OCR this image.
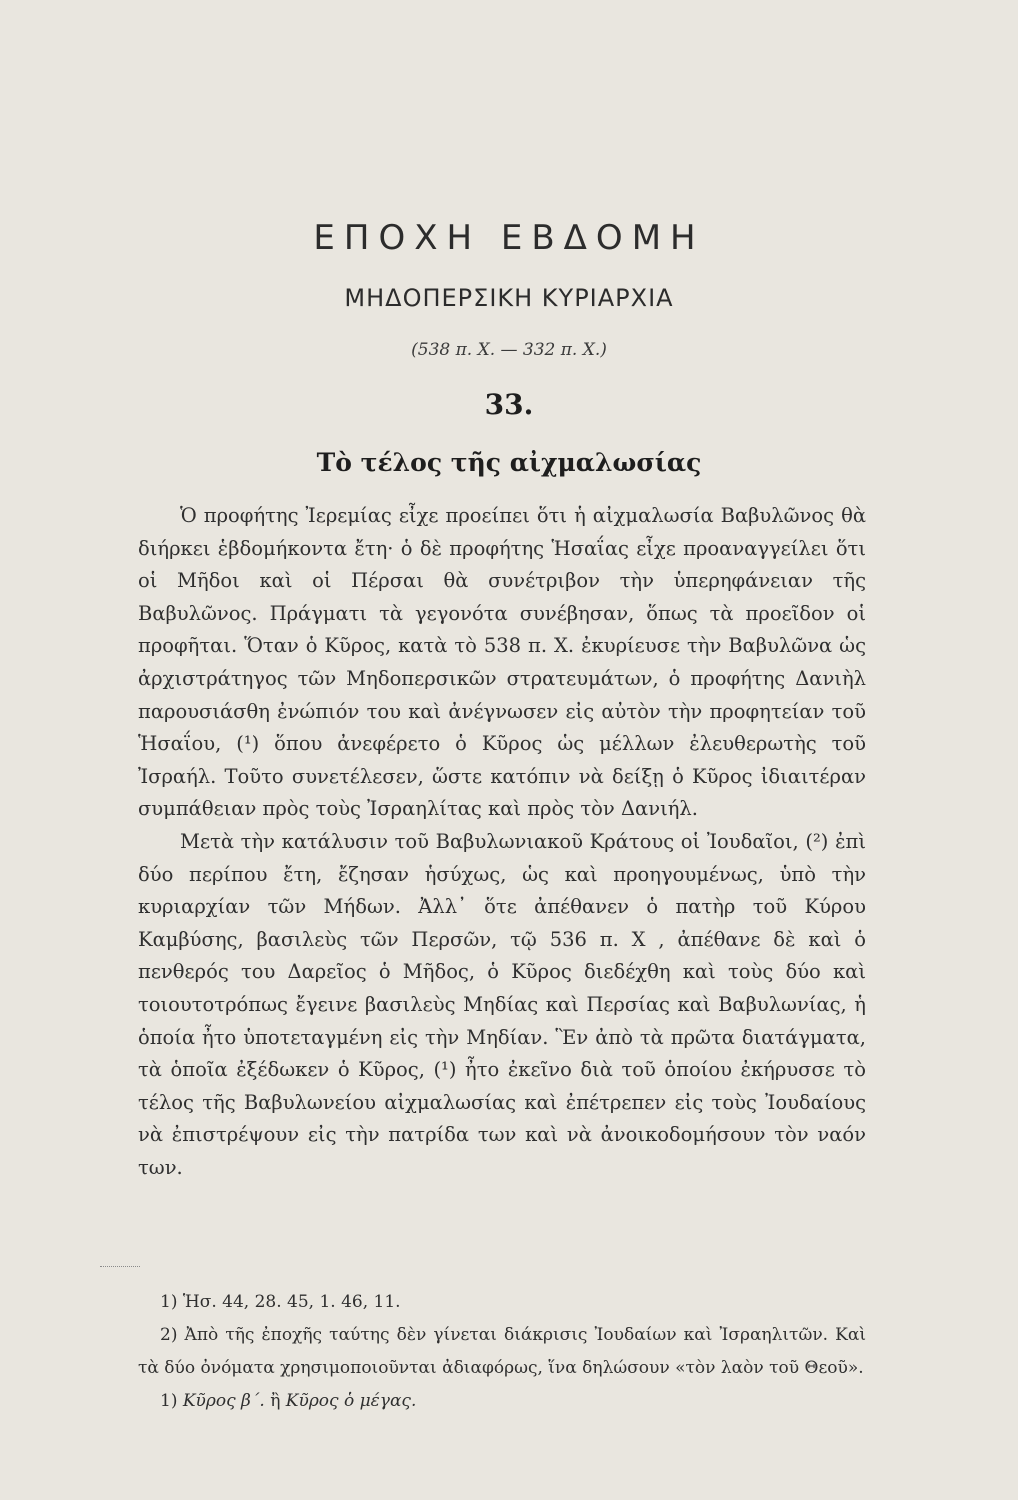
ΕΠΟΧΗ ΕΒΔΟΜΗ
ΜΗΔΟΠΕΡΣΙΚΗ ΚΥΡΙΑΡΧΙΑ

(538 π. Χ. — 332 π. Χ.)

33.

Τὸ τέλος τῆς αἰχμαλωσίας

Ὁ προφήτης Ἰερεμίας εἶχε προείπει ὅτι ἡ αἰχμαλωσία Βαβυλῶνος θὰ διήρκει ἑβδομήκοντα ἔτη· ὁ δὲ προφήτης Ἡσαΐας εἶχε προαναγγείλει ὅτι οἱ Μῆδοι καὶ οἱ Πέρσαι θὰ συνέτριβον τὴν ὑπερηφάνειαν τῆς Βαβυλῶνος. Πράγματι τὰ γεγονότα συνέβησαν, ὅπως τὰ προεῖδον οἱ προφῆται. Ὅταν ὁ Κῦρος, κατὰ τὸ 538 π. Χ. ἐκυρίευσε τὴν Βαβυλῶνα ὡς ἀρχιστράτηγος τῶν Μηδοπερσικῶν στρατευμάτων, ὁ προφήτης Δανιὴλ παρουσιάσθη ἐνώπιόν του καὶ ἀνέγνωσεν εἰς αὐτὸν τὴν προφητείαν τοῦ Ἡσαΐου, (¹) ὅπου ἀνεφέρετο ὁ Κῦρος ὡς μέλλων ἐλευθερωτὴς τοῦ Ἰσραήλ. Τοῦτο συνετέλεσεν, ὥστε κατόπιν νὰ δείξῃ ὁ Κῦρος ἰδιαιτέραν συμπάθειαν πρὸς τοὺς Ἰσραηλίτας καὶ πρὸς τὸν Δανιήλ.

Μετὰ τὴν κατάλυσιν τοῦ Βαβυλωνιακοῦ Κράτους οἱ Ἰουδαῖοι, (²) ἐπὶ δύο περίπου ἔτη, ἔζησαν ἡσύχως, ὡς καὶ προηγουμένως, ὑπὸ τὴν κυριαρχίαν τῶν Μήδων. Ἀλλ᾽ ὅτε ἀπέθανεν ὁ πατὴρ τοῦ Κύρου Καμβύσης, βασιλεὺς τῶν Περσῶν, τῷ 536 π. Χ , ἀπέθανε δὲ καὶ ὁ πενθερός του Δαρεῖος ὁ Μῆδος, ὁ Κῦρος διεδέχθη καὶ τοὺς δύο καὶ τοιουτοτρόπως ἔγεινε βασιλεὺς Μηδίας καὶ Περσίας καὶ Βαβυλωνίας, ἡ ὁποία ἦτο ὑποτεταγμένη εἰς τὴν Μηδίαν. Ἓν ἀπὸ τὰ πρῶτα διατάγματα, τὰ ὁποῖα ἐξέδωκεν ὁ Κῦρος, (¹) ἦτο ἐκεῖνο διὰ τοῦ ὁποίου ἐκήρυσσε τὸ τέλος τῆς Βαβυλωνείου αἰχμαλωσίας καὶ ἐπέτρεπεν εἰς τοὺς Ἰουδαίους νὰ ἐπιστρέψουν εἰς τὴν πατρίδα των καὶ νὰ ἀνοικοδομήσουν τὸν ναόν των.

1) Ἡσ. 44, 28. 45, 1. 46, 11.

2) Ἀπὸ τῆς ἐποχῆς ταύτης δὲν γίνεται διάκρισις Ἰουδαίων καὶ Ἰσραηλιτῶν. Καὶ τὰ δύο ὀνόματα χρησιμοποιοῦνται ἀδιαφόρως, ἵνα δηλώσουν «τὸν λαὸν τοῦ Θεοῦ».

1) Κῦρος β΄. ἢ Κῦρος ὁ μέγας.
